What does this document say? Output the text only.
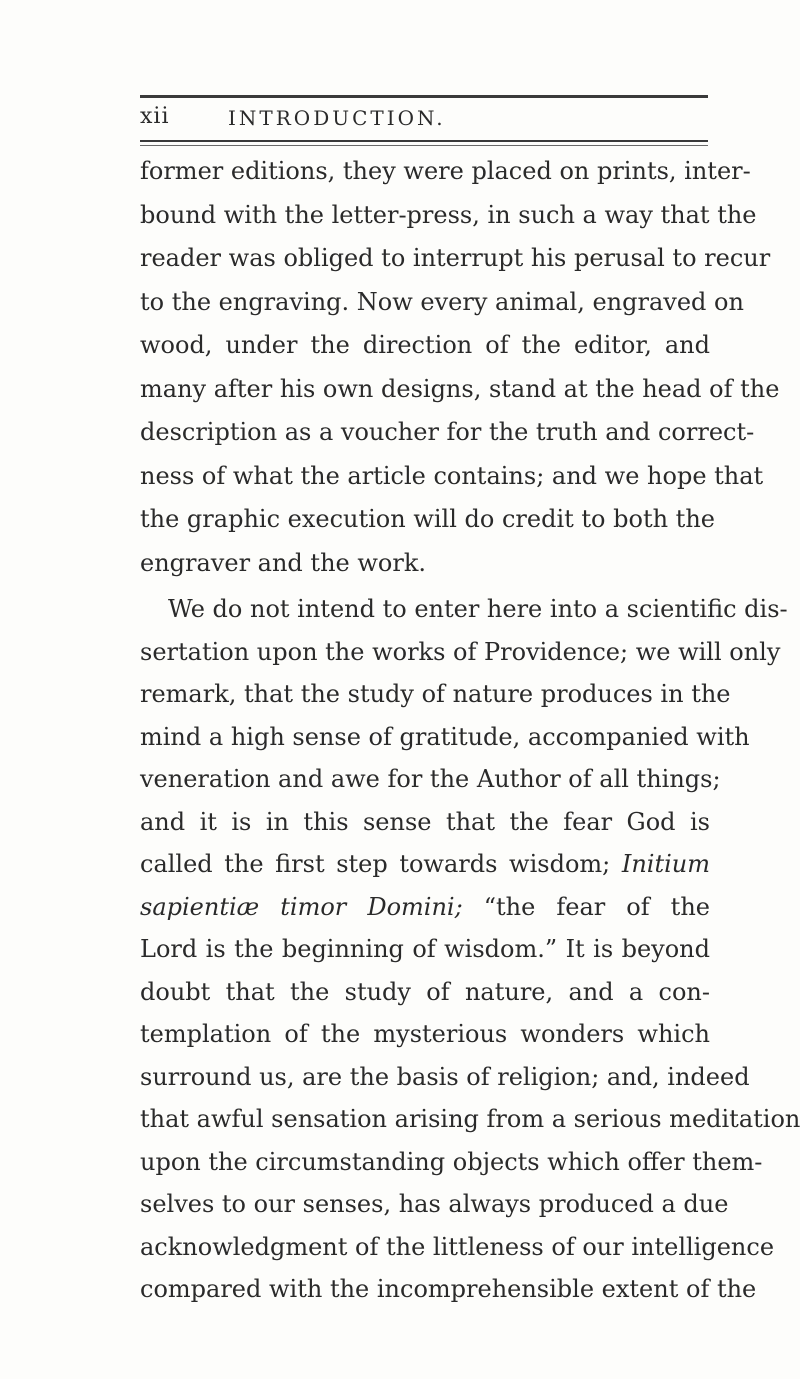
xii	INTRODUCTION.
former editions, they were placed on prints, inter-
bound with the letter-press, in such a way that the
reader was obliged to interrupt his perusal to recur
to the engraving. Now every animal, engraved on
wood, under the direction of the editor, and
many after his own designs, stand at the head of the
description as a voucher for the truth and correct-
ness of what the article contains; and we hope that
the graphic execution will do credit to both the
engraver and the work.
We do not intend to enter here into a scientific dis-
sertation upon the works of Providence; we will only
remark, that the study of nature produces in the
mind a high sense of gratitude, accompanied with
veneration and awe for the Author of all things;
and it is in this sense that the fear God is
called the first step towards wisdom; Initium
sapientiæ timor Domini; “the fear of the
Lord is the beginning of wisdom.” It is beyond
doubt that the study of nature, and a con-
templation of the mysterious wonders which
surround us, are the basis of religion; and, indeed
that awful sensation arising from a serious meditation
upon the circumstanding objects which offer them-
selves to our senses, has always produced a due
acknowledgment of the littleness of our intelligence
compared with the incomprehensible extent of the
